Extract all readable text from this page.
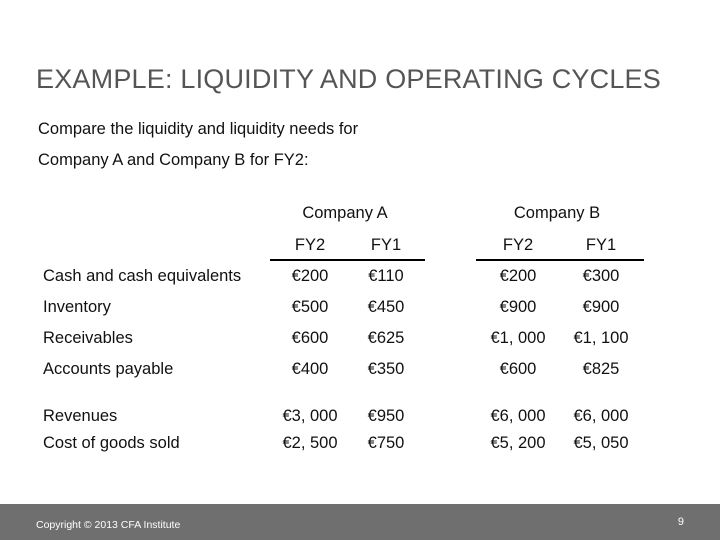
EXAMPLE: LIQUIDITY AND OPERATING CYCLES
Compare the liquidity and liquidity needs for
Company A and Company B for FY2:
Company A	Company B
FY2	FY1	FY2	FY1
Cash and cash equivalents	€200	€110	€200	€300
Inventory	€500	€450	€900	€900
Receivables	€600	€625	€1, 000	€1, 100
Accounts payable	€400	€350	€600	€825
Revenues	€3, 000	€950	€6, 000	€6, 000
Cost of goods sold	€2, 500	€750	€5, 200	€5, 050
Copyright © 2013 CFA Institute	9
